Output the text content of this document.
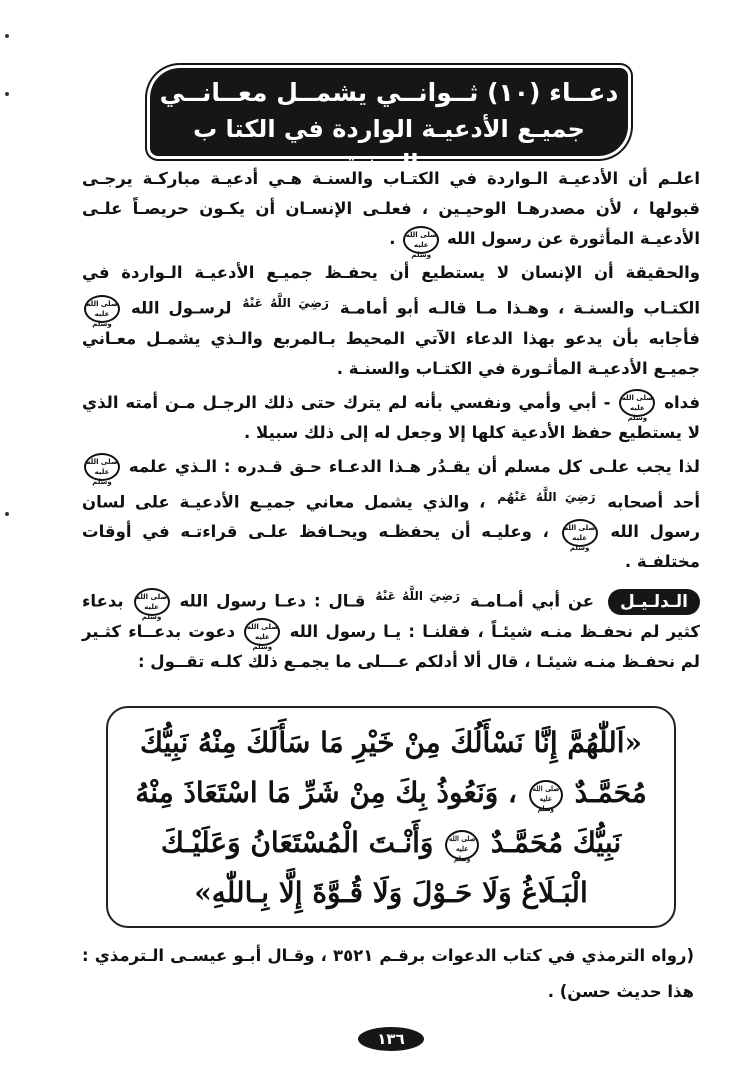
دعــاء (١٠) ثــوانــي يشمــل معــانــي
جميـع الأدعيـة الواردة في الكتا ب والسنـة

اعلـم أن الأدعيـة الـواردة في الكتـاب والسنـة هـي أدعيـة مباركـة يرجـى قبولها ، لأن مصدرهـا الوحيـين ، فعلـى الإنسـان أن يكـون حريصـاً علـى الأدعيـة المأثورة عن رسول الله
صلى الله عليه وسلم
.

والحقيقة أن الإنسان لا يستطيع أن يحفـظ جميـع الأدعيـة الـواردة في الكتـاب والسنـة ، وهـذا مـا قالـه أبو أمامـة $^{رَضِيَ اللَّهُ عَنْهُ}$ لرسـول الله
صلى الله عليه وسلم
فأجابه بأن يدعو بهذا الدعاء الآتي المحيط بـالمربع والـذي يشمـل معـاني جميـع الأدعيـة المأثـورة في الكتـاب والسنـة .

فداه
صلى الله عليه وسلم
- أبي وأمي ونفسي بأنه لم يترك حتى ذلك الرجـل مـن أمته الذي لا يستطيع حفظ الأدعية كلها إلا وجعل له إلى ذلك سبيلا .

لذا يجب علـى كل مسلم أن يقـدُر هـذا الدعـاء حـق قـدره : الـذي علمه
صلى الله عليه وسلم
أحد أصحابه $^{رَضِيَ اللَّهُ عَنْهُم}$ ، والذي يشمل معاني جميـع الأدعيـة على لسان رسول الله
صلى الله عليه وسلم
، وعليـه أن يحفظـه ويحـافظ علـى قراءتـه في أوقات مختلفـة .

الـدلـيـل عن أبي أمـامـة $^{رَضِيَ اللَّهُ عَنْهُ}$ قـال : دعـا رسول الله
صلى الله عليه وسلم
بدعاء كثير لم نحفـظ منـه شيئـاً ، فقلنـا : يـا رسول الله
صلى الله عليه وسلم
دعوت بدعــاء كثـير لم نحفـظ منـه شيئـا ، قال ألا أدلكم عـــلى ما يجمـع ذلك كلـه تقــول :

«اَللّٰهُمَّ إِنَّا نَسْأَلُكَ مِنْ خَيْرِ مَا سَأَلَكَ مِنْهُ نَبِيُّكَ
مُحَمَّـدٌ
صلى الله عليه وسلم
، وَنَعُوذُ بِكَ مِنْ شَرِّ مَا اسْتَعَاذَ مِنْهُ
نَبِيُّكَ مُحَمَّـدٌ
صلى الله عليه وسلم
وَأَنْـتَ الْمُسْتَعَانُ وَعَلَيْـكَ
الْبَـلَاغُ وَلَا حَـوْلَ وَلَا قُـوَّةَ إِلَّا بِـاللّٰهِ»
(رواه الترمذي في كتاب الدعوات برقـم ٣٥٢١ ، وقـال أبـو عيسـى الـترمذي : هذا حديث حسن) .
١٣٦
